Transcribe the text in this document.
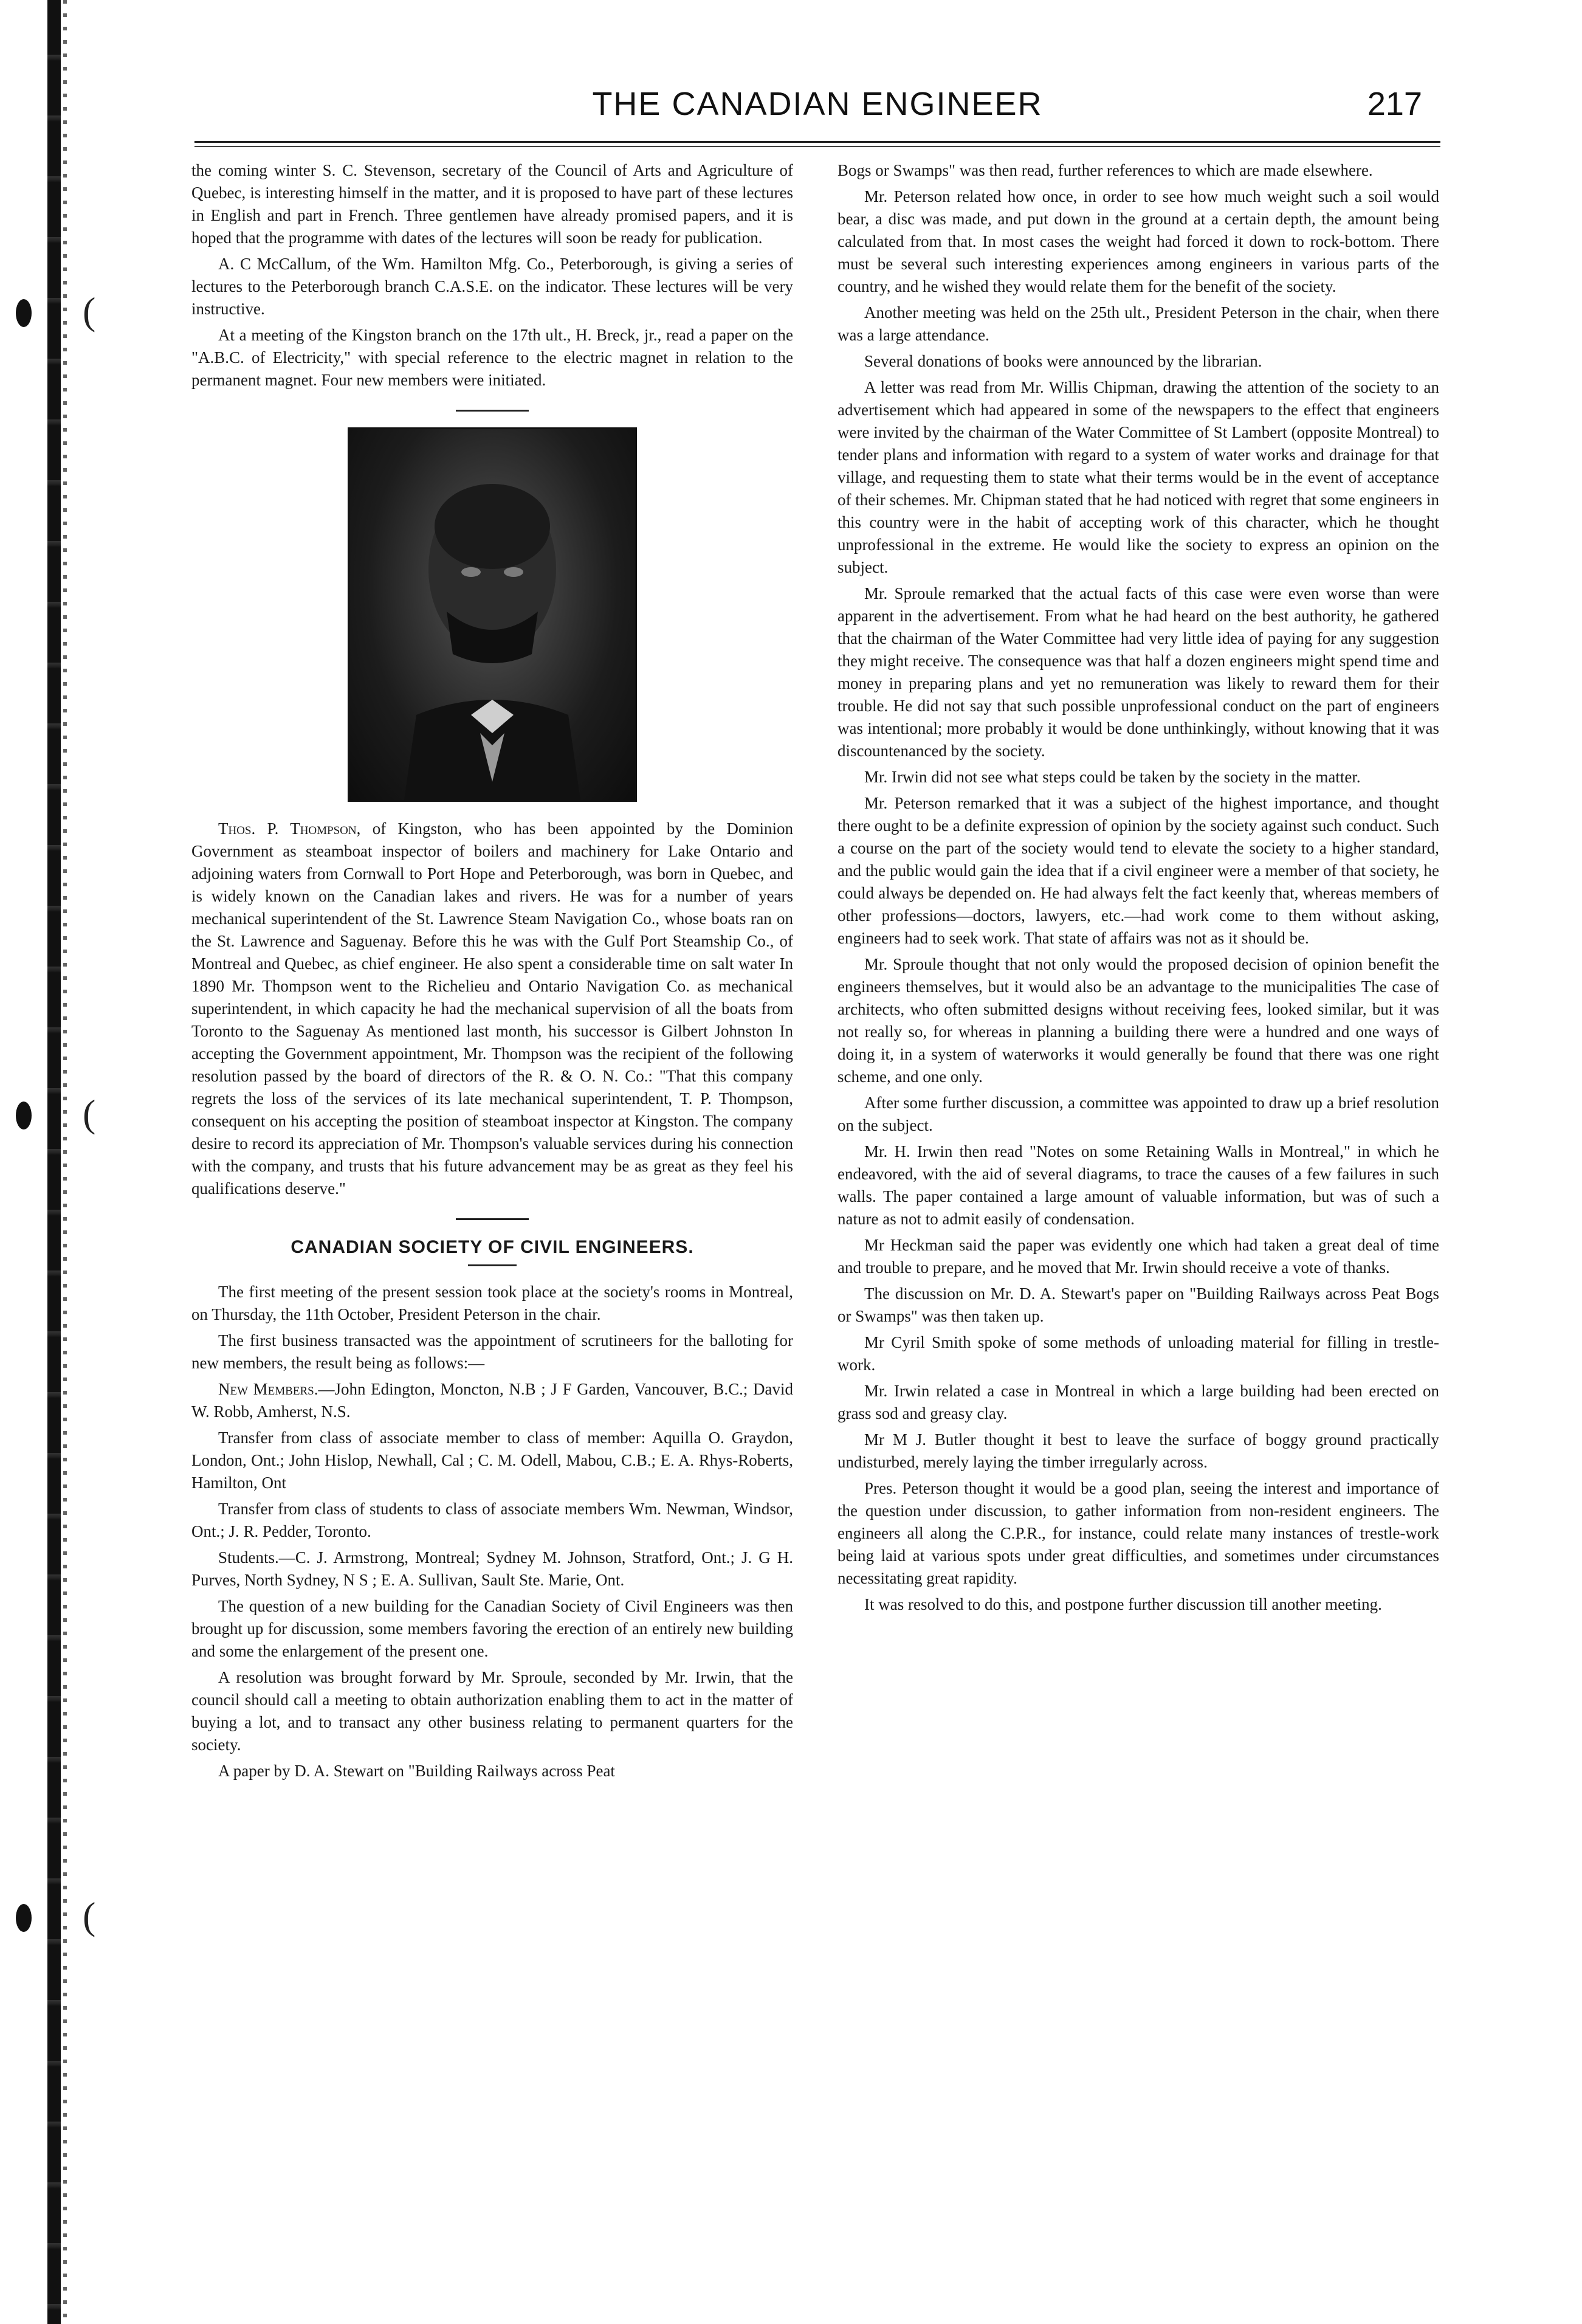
(
(
(
THE CANADIAN ENGINEER	217

the coming winter S. C. Stevenson, secretary of the Council of Arts and Agriculture of Quebec, is interesting himself in the matter, and it is proposed to have part of these lectures in English and part in French. Three gentlemen have already promised papers, and it is hoped that the programme with dates of the lectures will soon be ready for publication.

A. C McCallum, of the Wm. Hamilton Mfg. Co., Peterborough, is giving a series of lectures to the Peterborough branch C.A.S.E. on the indicator. These lectures will be very instructive.

At a meeting of the Kingston branch on the 17th ult., H. Breck, jr., read a paper on the "A.B.C. of Electricity," with special reference to the electric magnet in relation to the permanent magnet. Four new members were initiated.

Thos. P. Thompson, of Kingston, who has been appointed by the Dominion Government as steamboat inspector of boilers and machinery for Lake Ontario and adjoining waters from Cornwall to Port Hope and Peterborough, was born in Quebec, and is widely known on the Canadian lakes and rivers. He was for a number of years mechanical superintendent of the St. Lawrence Steam Navigation Co., whose boats ran on the St. Lawrence and Saguenay. Before this he was with the Gulf Port Steamship Co., of Montreal and Quebec, as chief engineer. He also spent a considerable time on salt water In 1890 Mr. Thompson went to the Richelieu and Ontario Navigation Co. as mechanical superintendent, in which capacity he had the mechanical supervision of all the boats from Toronto to the Saguenay As mentioned last month, his successor is Gilbert Johnston In accepting the Government appointment, Mr. Thompson was the recipient of the following resolution passed by the board of directors of the R. & O. N. Co.: "That this company regrets the loss of the services of its late mechanical superintendent, T. P. Thompson, consequent on his accepting the position of steamboat inspector at Kingston. The company desire to record its appreciation of Mr. Thompson's valuable services during his connection with the company, and trusts that his future advancement may be as great as they feel his qualifications deserve."

CANADIAN SOCIETY OF CIVIL ENGINEERS.

The first meeting of the present session took place at the society's rooms in Montreal, on Thursday, the 11th October, President Peterson in the chair.

The first business transacted was the appointment of scrutineers for the balloting for new members, the result being as follows:—

New Members.—John Edington, Moncton, N.B ; J F Garden, Vancouver, B.C.; David W. Robb, Amherst, N.S.

Transfer from class of associate member to class of member: Aquilla O. Graydon, London, Ont.; John Hislop, Newhall, Cal ; C. M. Odell, Mabou, C.B.; E. A. Rhys-Roberts, Hamilton, Ont

Transfer from class of students to class of associate members Wm. Newman, Windsor, Ont.; J. R. Pedder, Toronto.

Students.—C. J. Armstrong, Montreal; Sydney M. Johnson, Stratford, Ont.; J. G H. Purves, North Sydney, N S ; E. A. Sullivan, Sault Ste. Marie, Ont.

The question of a new building for the Canadian Society of Civil Engineers was then brought up for discussion, some members favoring the erection of an entirely new building and some the enlargement of the present one.

A resolution was brought forward by Mr. Sproule, seconded by Mr. Irwin, that the council should call a meeting to obtain authorization enabling them to act in the matter of buying a lot, and to transact any other business relating to permanent quarters for the society.

A paper by D. A. Stewart on "Building Railways across Peat

Bogs or Swamps" was then read, further references to which are made elsewhere.

Mr. Peterson related how once, in order to see how much weight such a soil would bear, a disc was made, and put down in the ground at a certain depth, the amount being calculated from that. In most cases the weight had forced it down to rock-bottom. There must be several such interesting experiences among engineers in various parts of the country, and he wished they would relate them for the benefit of the society.

Another meeting was held on the 25th ult., President Peterson in the chair, when there was a large attendance.

Several donations of books were announced by the librarian.

A letter was read from Mr. Willis Chipman, drawing the attention of the society to an advertisement which had appeared in some of the newspapers to the effect that engineers were invited by the chairman of the Water Committee of St Lambert (opposite Montreal) to tender plans and information with regard to a system of water works and drainage for that village, and requesting them to state what their terms would be in the event of acceptance of their schemes. Mr. Chipman stated that he had noticed with regret that some engineers in this country were in the habit of accepting work of this character, which he thought unprofessional in the extreme. He would like the society to express an opinion on the subject.

Mr. Sproule remarked that the actual facts of this case were even worse than were apparent in the advertisement. From what he had heard on the best authority, he gathered that the chairman of the Water Committee had very little idea of paying for any suggestion they might receive. The consequence was that half a dozen engineers might spend time and money in preparing plans and yet no remuneration was likely to reward them for their trouble. He did not say that such possible unprofessional conduct on the part of engineers was intentional; more probably it would be done unthinkingly, without knowing that it was discountenanced by the society.

Mr. Irwin did not see what steps could be taken by the society in the matter.

Mr. Peterson remarked that it was a subject of the highest importance, and thought there ought to be a definite expression of opinion by the society against such conduct. Such a course on the part of the society would tend to elevate the society to a higher standard, and the public would gain the idea that if a civil engineer were a member of that society, he could always be depended on. He had always felt the fact keenly that, whereas members of other professions—doctors, lawyers, etc.—had work come to them without asking, engineers had to seek work. That state of affairs was not as it should be.

Mr. Sproule thought that not only would the proposed decision of opinion benefit the engineers themselves, but it would also be an advantage to the municipalities The case of architects, who often submitted designs without receiving fees, looked similar, but it was not really so, for whereas in planning a building there were a hundred and one ways of doing it, in a system of waterworks it would generally be found that there was one right scheme, and one only.

After some further discussion, a committee was appointed to draw up a brief resolution on the subject.

Mr. H. Irwin then read "Notes on some Retaining Walls in Montreal," in which he endeavored, with the aid of several diagrams, to trace the causes of a few failures in such walls. The paper contained a large amount of valuable information, but was of such a nature as not to admit easily of condensation.

Mr Heckman said the paper was evidently one which had taken a great deal of time and trouble to prepare, and he moved that Mr. Irwin should receive a vote of thanks.

The discussion on Mr. D. A. Stewart's paper on "Building Railways across Peat Bogs or Swamps" was then taken up.

Mr Cyril Smith spoke of some methods of unloading material for filling in trestle-work.

Mr. Irwin related a case in Montreal in which a large building had been erected on grass sod and greasy clay.

Mr M J. Butler thought it best to leave the surface of boggy ground practically undisturbed, merely laying the timber irregularly across.

Pres. Peterson thought it would be a good plan, seeing the interest and importance of the question under discussion, to gather information from non-resident engineers. The engineers all along the C.P.R., for instance, could relate many instances of trestle-work being laid at various spots under great difficulties, and sometimes under circumstances necessitating great rapidity.

It was resolved to do this, and postpone further discussion till another meeting.
